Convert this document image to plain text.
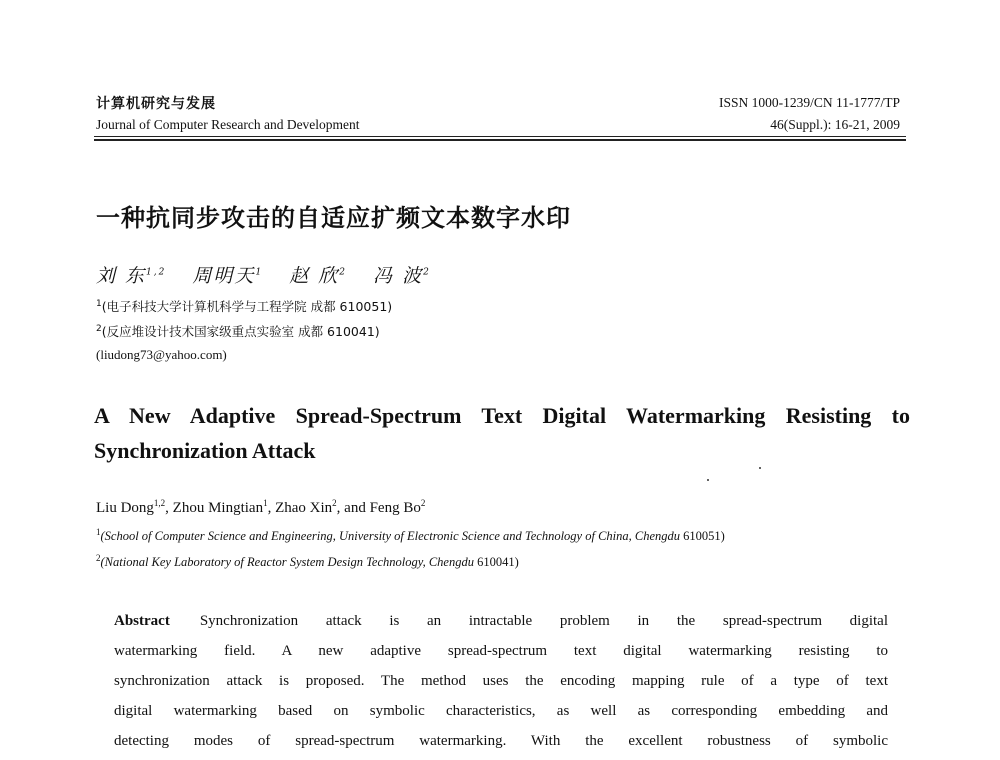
计算机研究与发展
Journal of Computer Research and Development
ISSN 1000-1239/CN 11-1777/TP
46(Suppl.): 16-21, 2009
一种抗同步攻击的自适应扩频文本数字水印
刘 东$^{1,2}$ 周明天$^1$ 赵 欣$^2$ 冯 波$^2$
$^1$(电子科技大学计算机科学与工程学院 成都 610051)
$^2$(反应堆设计技术国家级重点实验室 成都 610041)
(liudong73@yahoo.com)
A New Adaptive Spread-Spectrum Text Digital Watermarking Resisting to Synchronization Attack
Liu Dong$^{1,2}$, Zhou Mingtian$^1$, Zhao Xin$^2$, and Feng Bo$^2$
$^1$(School of Computer Science and Engineering, University of Electronic Science and Technology of China, Chengdu 610051)
$^2$(National Key Laboratory of Reactor System Design Technology, Chengdu 610041)
Abstract Synchronization attack is an intractable problem in the spread-spectrum digital
watermarking field. A new adaptive spread-spectrum text digital watermarking resisting to
synchronization attack is proposed. The method uses the encoding mapping rule of a type of text
digital watermarking based on symbolic characteristics, as well as corresponding embedding and
detecting modes of spread-spectrum watermarking. With the excellent robustness of symbolic
